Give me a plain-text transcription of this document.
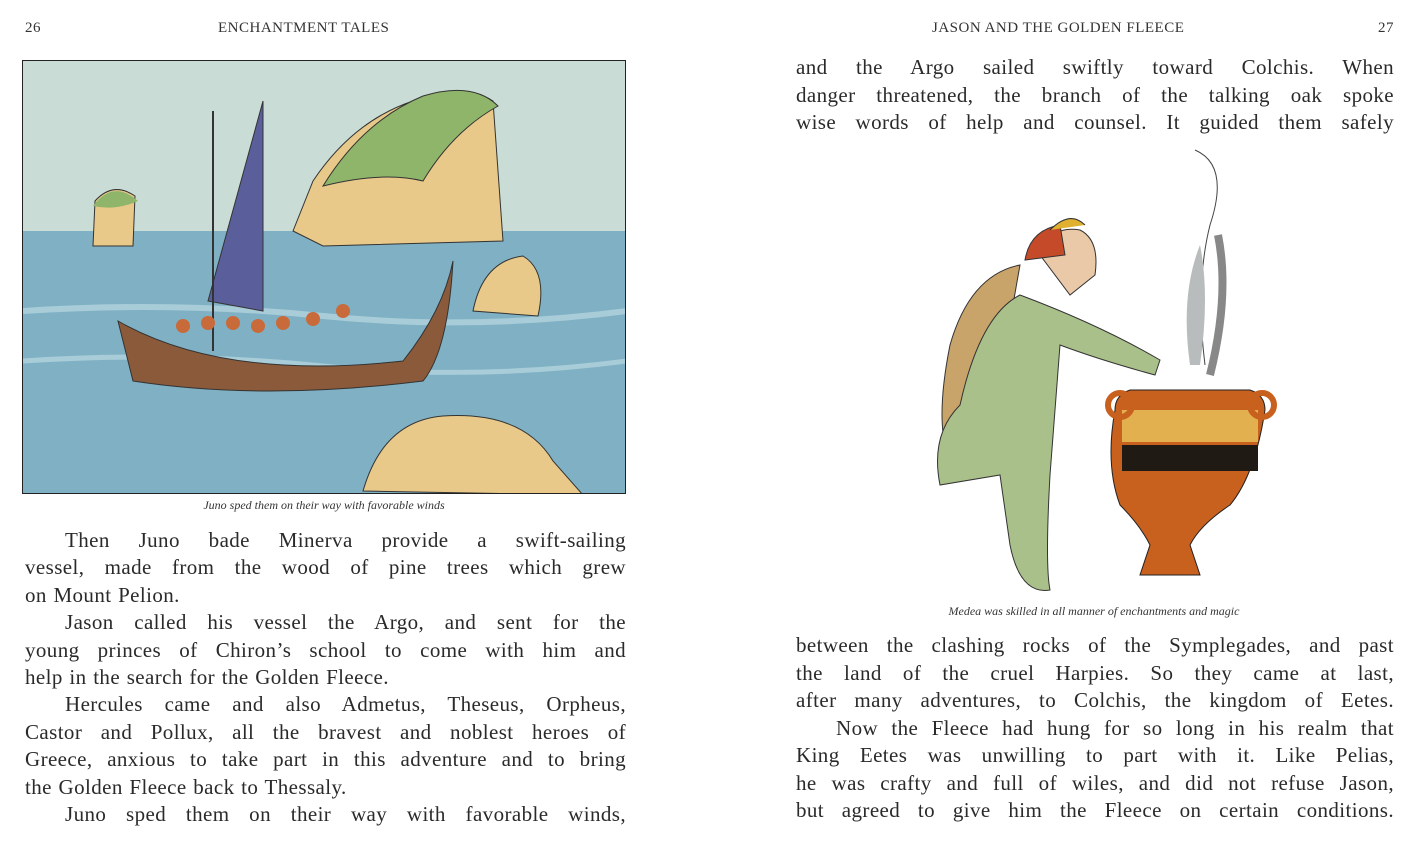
26	ENCHANTMENT TALES	JASON AND THE GOLDEN FLEECE	27
Juno sped them on their way with favorable winds
Then Juno bade Minerva provide a swift-sailing
vessel, made from the wood of pine trees which grew
on Mount Pelion.
Jason called his vessel the Argo, and sent for the
young princes of Chiron’s school to come with him and
help in the search for the Golden Fleece.
Hercules came and also Admetus, Theseus, Orpheus,
Castor and Pollux, all the bravest and noblest heroes of
Greece, anxious to take part in this adventure and to bring
the Golden Fleece back to Thessaly.
Juno sped them on their way with favorable winds,
and the Argo sailed swiftly toward Colchis. When
danger threatened, the branch of the talking oak spoke
wise words of help and counsel. It guided them safely
Medea was skilled in all manner of enchantments and magic
between the clashing rocks of the Symplegades, and past
the land of the cruel Harpies. So they came at last,
after many adventures, to Colchis, the kingdom of Eetes.
Now the Fleece had hung for so long in his realm that
King Eetes was unwilling to part with it. Like Pelias,
he was crafty and full of wiles, and did not refuse Jason,
but agreed to give him the Fleece on certain conditions.
